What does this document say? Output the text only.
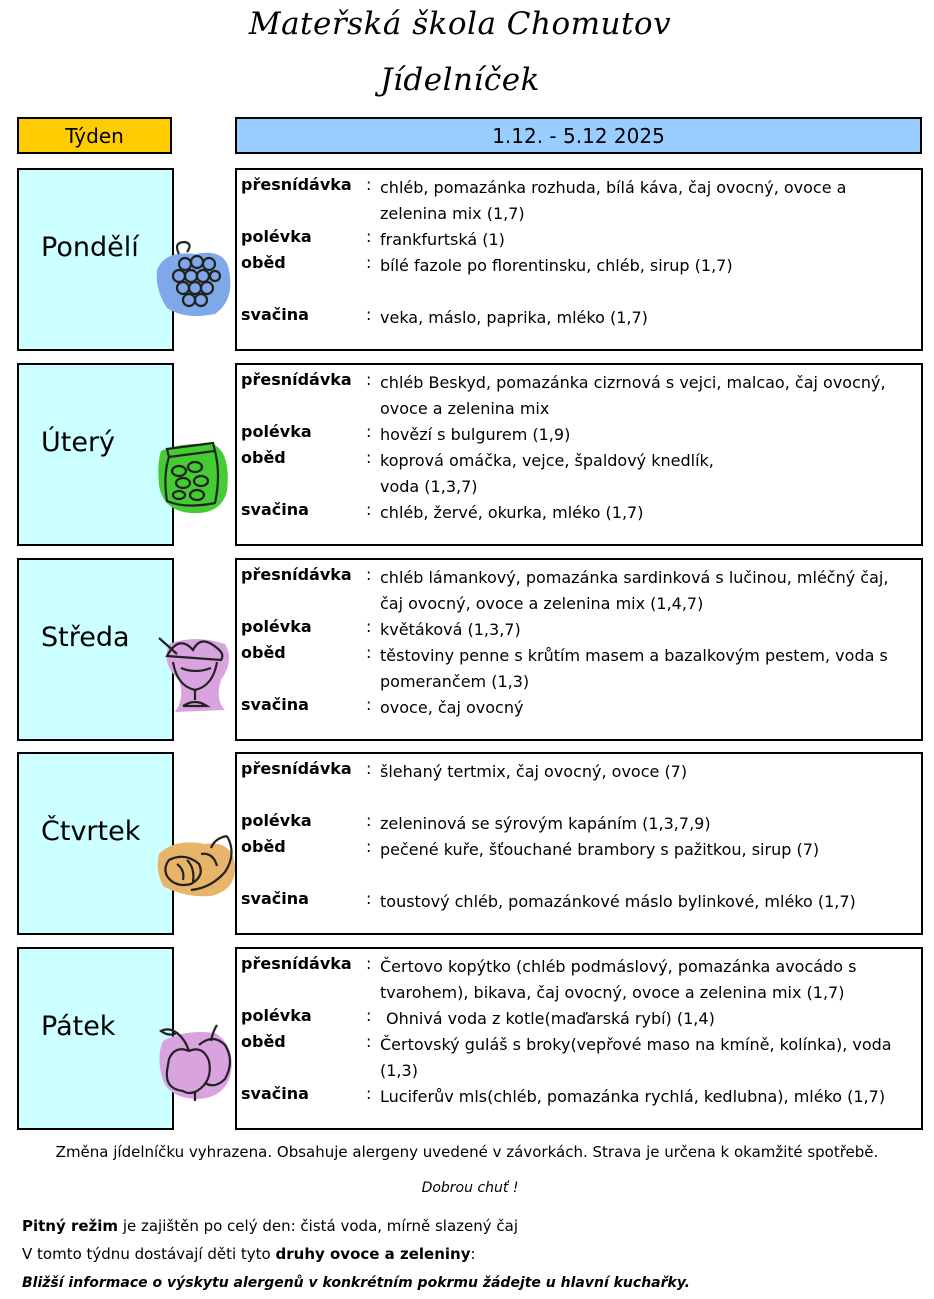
Mateřská škola Chomutov
Jídelníček
Týden	1.12. - 5.12 2025
Pondělí
přesnídávka : chléb, pomazánka rozhuda, bílá káva, čaj ovocný, ovoce a zelenina mix (1,7)
polévka	: frankfurtská (1)
oběd	: bílé fazole po florentinsku, chléb, sirup (1,7)
svačina	: veka, máslo, paprika, mléko (1,7)
Úterý
přesnídávka : chléb Beskyd, pomazánka cizrnová s vejci, malcao, čaj ovocný, ovoce a zelenina mix
polévka	: hovězí s bulgurem (1,9)
oběd	: koprová omáčka, vejce, špaldový knedlík, voda (1,3,7)
svačina	: chléb, žervé, okurka, mléko (1,7)
Středa
přesnídávka : chléb lámankový, pomazánka sardinková s lučinou, mléčný čaj, čaj ovocný, ovoce a zelenina mix (1,4,7)
polévka	: květáková (1,3,7)
oběd	: těstoviny penne s krůtím masem a bazalkovým pestem, voda s pomerančem (1,3)
svačina	: ovoce, čaj ovocný
Čtvrtek
přesnídávka : šlehaný tertmix, čaj ovocný, ovoce (7)
polévka	: zeleninová se sýrovým kapáním (1,3,7,9)
oběd	: pečené kuře, šťouchané brambory s pažitkou, sirup (7)
svačina	: toustový chléb, pomazánkové máslo bylinkové, mléko (1,7)
Pátek
přesnídávka : Čertovo kopýtko (chléb podmáslový, pomazánka avocádo s tvarohem), bikava, čaj ovocný, ovoce a zelenina mix (1,7)
polévka	: Ohnivá voda z kotle(maďarská rybí) (1,4)
oběd	: Čertovský guláš s broky(vepřové maso na kmíně, kolínka), voda (1,3)
svačina	: Luciferův mls(chléb, pomazánka rychlá, kedlubna), mléko (1,7)
Změna jídelníčku vyhrazena. Obsahuje alergeny uvedené v závorkách. Strava je určena k okamžité spotřebě.
Dobrou chuť !
Pitný režim je zajištěn po celý den: čistá voda, mírně slazený čaj
V tomto týdnu dostávají děti tyto druhy ovoce a zeleniny:
Bližší informace o výskytu alergenů v konkrétním pokrmu žádejte u hlavní kuchařky.
